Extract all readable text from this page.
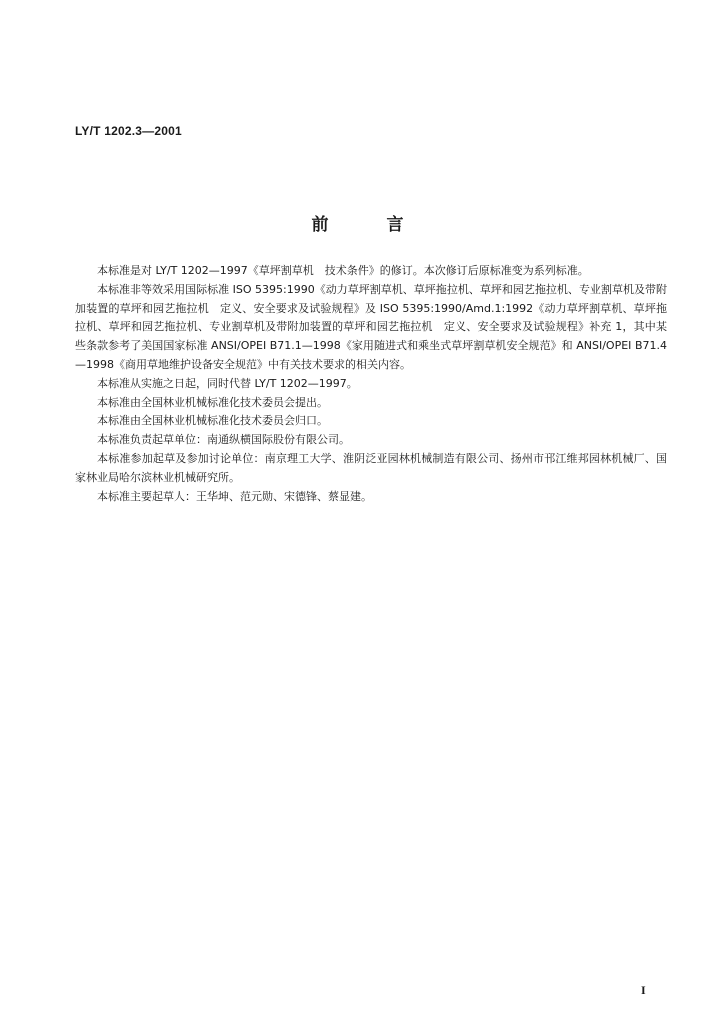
LY/T 1202.3—2001
前言

本标准是对 LY/T 1202—1997《草坪割草机　技术条件》的修订。本次修订后原标准变为系列标准。

本标准非等效采用国际标准 ISO 5395:1990《动力草坪割草机、草坪拖拉机、草坪和园艺拖拉机、专业割草机及带附加装置的草坪和园艺拖拉机　定义、安全要求及试验规程》及 ISO 5395:1990/Amd.1:1992《动力草坪割草机、草坪拖拉机、草坪和园艺拖拉机、专业割草机及带附加装置的草坪和园艺拖拉机　定义、安全要求及试验规程》补充 1，其中某些条款参考了美国国家标准 ANSI/OPEI B71.1—1998《家用随进式和乘坐式草坪割草机安全规范》和 ANSI/OPEI B71.4—1998《商用草地维护设备安全规范》中有关技术要求的相关内容。

本标准从实施之日起，同时代替 LY/T 1202—1997。

本标准由全国林业机械标准化技术委员会提出。

本标准由全国林业机械标准化技术委员会归口。

本标准负责起草单位：南通纵横国际股份有限公司。

本标准参加起草及参加讨论单位：南京理工大学、淮阴泛亚园林机械制造有限公司、扬州市邗江维邦园林机械厂、国家林业局哈尔滨林业机械研究所。

本标准主要起草人：王华坤、范元勋、宋德锋、蔡显建。

I
